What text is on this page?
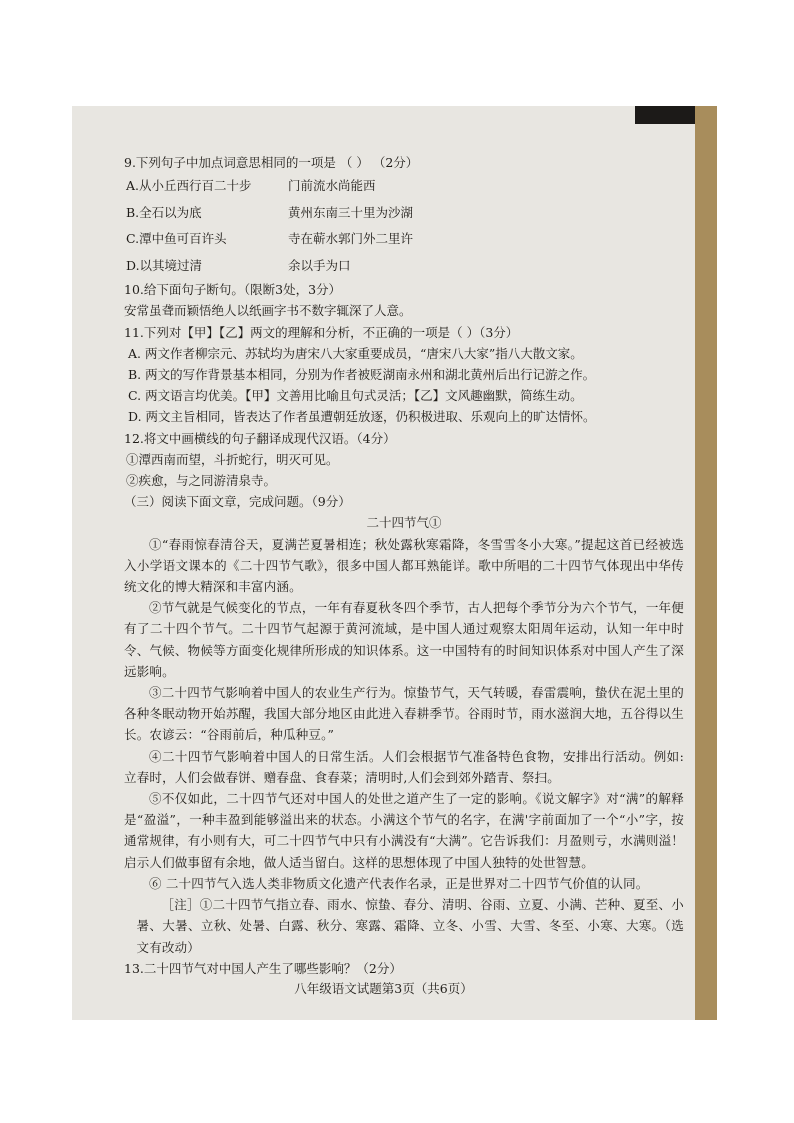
9.下列句子中加点词意思相同的一项是 （ ） （2分）
A.从小丘西行百二十步	门前流水尚能西
B.全石以为底	黄州东南三十里为沙湖
C.潭中鱼可百许头	寺在蕲水郭门外二里许
D.以其境过清	余以手为口
10.给下面句子断句。（限断3处，3分）
安常虽聋而颖悟绝人以纸画字书不数字辄深了人意。
11.下列对【甲】【乙】两文的理解和分析，不正确的一项是（ ）（3分）
A. 两文作者柳宗元、苏轼均为唐宋八大家重要成员，“唐宋八大家”指八大散文家。
B. 两文的写作背景基本相同，分别为作者被贬湖南永州和湖北黄州后出行记游之作。
C. 两文语言均优美。【甲】文善用比喻且句式灵活；【乙】文风趣幽默，简练生动。
D. 两文主旨相同，皆表达了作者虽遭朝廷放逐，仍积极进取、乐观向上的旷达情怀。
12.将文中画横线的句子翻译成现代汉语。（4分）
①潭西南而望，斗折蛇行，明灭可见。
②疾愈，与之同游清泉寺。
（三）阅读下面文章，完成问题。（9分）
二十四节气①
①“春雨惊春清谷天，夏满芒夏暑相连；秋处露秋寒霜降，冬雪雪冬小大寒。”提起这首已经被选入小学语文课本的《二十四节气歌》，很多中国人都耳熟能详。歌中所唱的二十四节气体现出中华传统文化的博大精深和丰富内涵。
②节气就是气候变化的节点，一年有春夏秋冬四个季节，古人把每个季节分为六个节气，一年便有了二十四个节气。二十四节气起源于黄河流域，是中国人通过观察太阳周年运动，认知一年中时令、气候、物候等方面变化规律所形成的知识体系。这一中国特有的时间知识体系对中国人产生了深远影响。
③二十四节气影响着中国人的农业生产行为。惊蛰节气，天气转暖，春雷震响，蛰伏在泥土里的各种冬眠动物开始苏醒，我国大部分地区由此进入春耕季节。谷雨时节，雨水滋润大地，五谷得以生长。农谚云：“谷雨前后，种瓜种豆。”
④二十四节气影响着中国人的日常生活。人们会根据节气准备特色食物，安排出行活动。例如:立春时，人们会做春饼、赠春盘、食春菜；清明时,人们会到郊外踏青、祭扫。
⑤不仅如此，二十四节气还对中国人的处世之道产生了一定的影响。《说文解字》对“满”的解释是“盈溢”，一种丰盈到能够溢出来的状态。小满这个节气的名字，在满'字前面加了一个“小”字，按通常规律，有小则有大，可二十四节气中只有小满没有“大满”。它告诉我们：月盈则亏，水满则溢！启示人们做事留有余地，做人适当留白。这样的思想体现了中国人独特的处世智慧。
⑥ 二十四节气入选人类非物质文化遗产代表作名录，正是世界对二十四节气价值的认同。
［注］①二十四节气指立春、雨水、惊蛰、春分、清明、谷雨、立夏、小满、芒种、夏至、小暑、大暑、立秋、处暑、白露、秋分、寒露、霜降、立冬、小雪、大雪、冬至、小寒、大寒。（选文有改动）
13.二十四节气对中国人产生了哪些影响？（2分）
八年级语文试题第3页（共6页）
